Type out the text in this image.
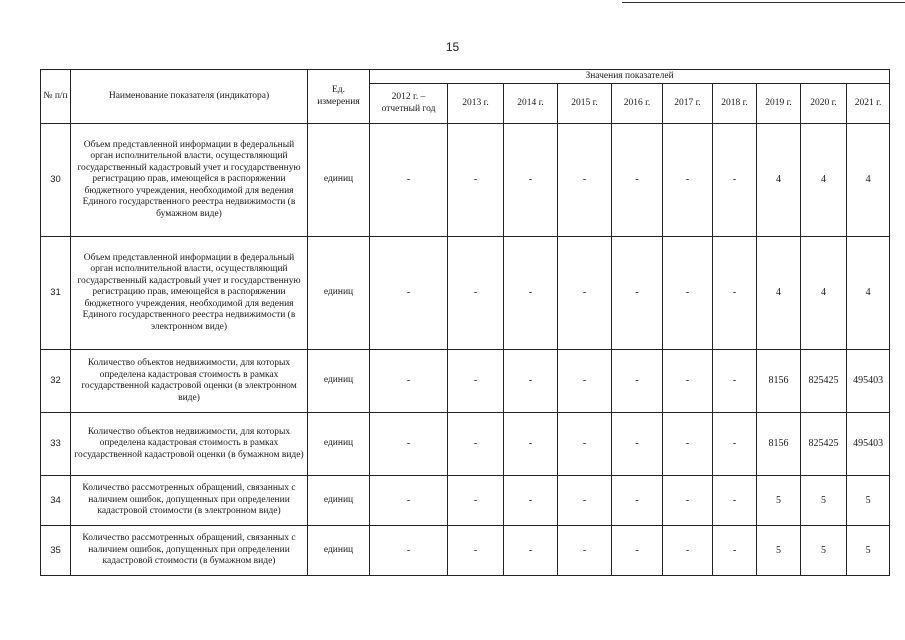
15
№ п/п	Наименование показателя (индикатора)	Ед. измерения	Значения показателей									
			2012 г. – отчетный год	2013 г.	2014 г.	2015 г.	2016 г.	2017 г.	2018 г.	2019 г.	2020 г.	2021 г.
30	Объем представленной информации в федеральный орган исполнительной власти, осуществляющий государственный кадастровый учет и государственную регистрацию прав, имеющейся в распоряжении бюджетного учреждения, необходимой для ведения Единого государственного реестра недвижимости (в бумажном виде)	единиц	-	-	-	-	-	-	-	4	4	4
31	Объем представленной информации в федеральный орган исполнительной власти, осуществляющий государственный кадастровый учет и государственную регистрацию прав, имеющейся в распоряжении бюджетного учреждения, необходимой для ведения Единого государственного реестра недвижимости (в электронном виде)	единиц	-	-	-	-	-	-	-	4	4	4
32	Количество объектов недвижимости, для которых определена кадастровая стоимость в рамках государственной кадастровой оценки (в электронном виде)	единиц	-	-	-	-	-	-	-	8156	825425	495403
33	Количество объектов недвижимости, для которых определена кадастровая стоимость в рамках государственной кадастровой оценки (в бумажном виде)	единиц	-	-	-	-	-	-	-	8156	825425	495403
34	Количество рассмотренных обращений, связанных с наличием ошибок, допущенных при определении кадастровой стоимости (в электронном виде)	единиц	-	-	-	-	-	-	-	5	5	5
35	Количество рассмотренных обращений, связанных с наличием ошибок, допущенных при определении кадастровой стоимости (в бумажном виде)	единиц	-	-	-	-	-	-	-	5	5	5
